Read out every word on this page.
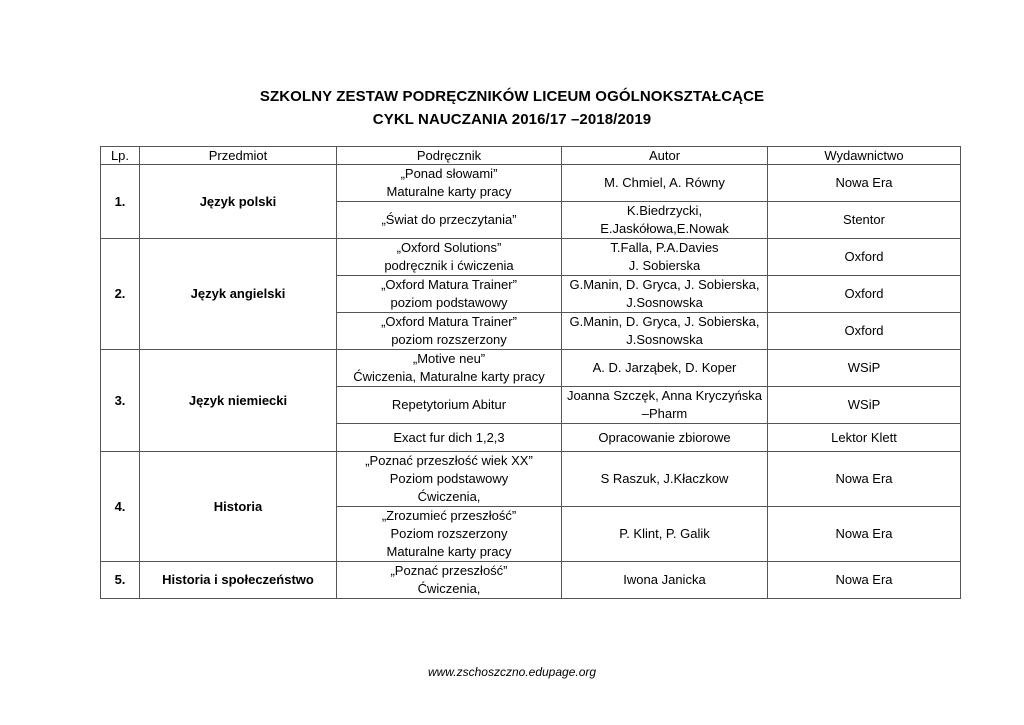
SZKOLNY ZESTAW PODRĘCZNIKÓW LICEUM OGÓLNOKSZTAŁCĄCE
CYKL NAUCZANIA 2016/17 –2018/2019
Lp.	Przedmiot	Podręcznik	Autor	Wydawnictwo
1.	Język polski	„Ponad słowami”
Maturalne karty pracy	M. Chmiel, A. Równy	Nowa Era

		„Świat do przeczytania”	K.Biedrzycki,
E.Jaskółowa,E.Nowak	Stentor
2.	Język angielski	„Oxford Solutions”
podręcznik i ćwiczenia	T.Falla, P.A.Davies
J. Sobierska	Oxford

		„Oxford Matura Trainer”
poziom podstawowy	G.Manin, D. Gryca, J. Sobierska,
J.Sosnowska	Oxford

		„Oxford Matura Trainer”
poziom rozszerzony	G.Manin, D. Gryca, J. Sobierska,
J.Sosnowska	Oxford
3.	Język niemiecki	„Motive neu”
Ćwiczenia, Maturalne karty pracy	A. D. Jarząbek, D. Koper	WSiP

		Repetytorium Abitur	Joanna Szczęk, Anna Kryczyńska
–Pharm	WSiP

		Exact fur dich 1,2,3	Opracowanie zbiorowe	Lektor Klett
4.	Historia	„Poznać przeszłość wiek XX”
Poziom podstawowy
Ćwiczenia,	S Raszuk, J.Kłaczkow	Nowa Era

		„Zrozumieć przeszłość”
Poziom rozszerzony
Maturalne karty pracy	P. Klint, P. Galik	Nowa Era
5.	Historia i społeczeństwo	„Poznać przeszłość”
Ćwiczenia,	Iwona Janicka	Nowa Era
www.zschoszczno.edupage.org
